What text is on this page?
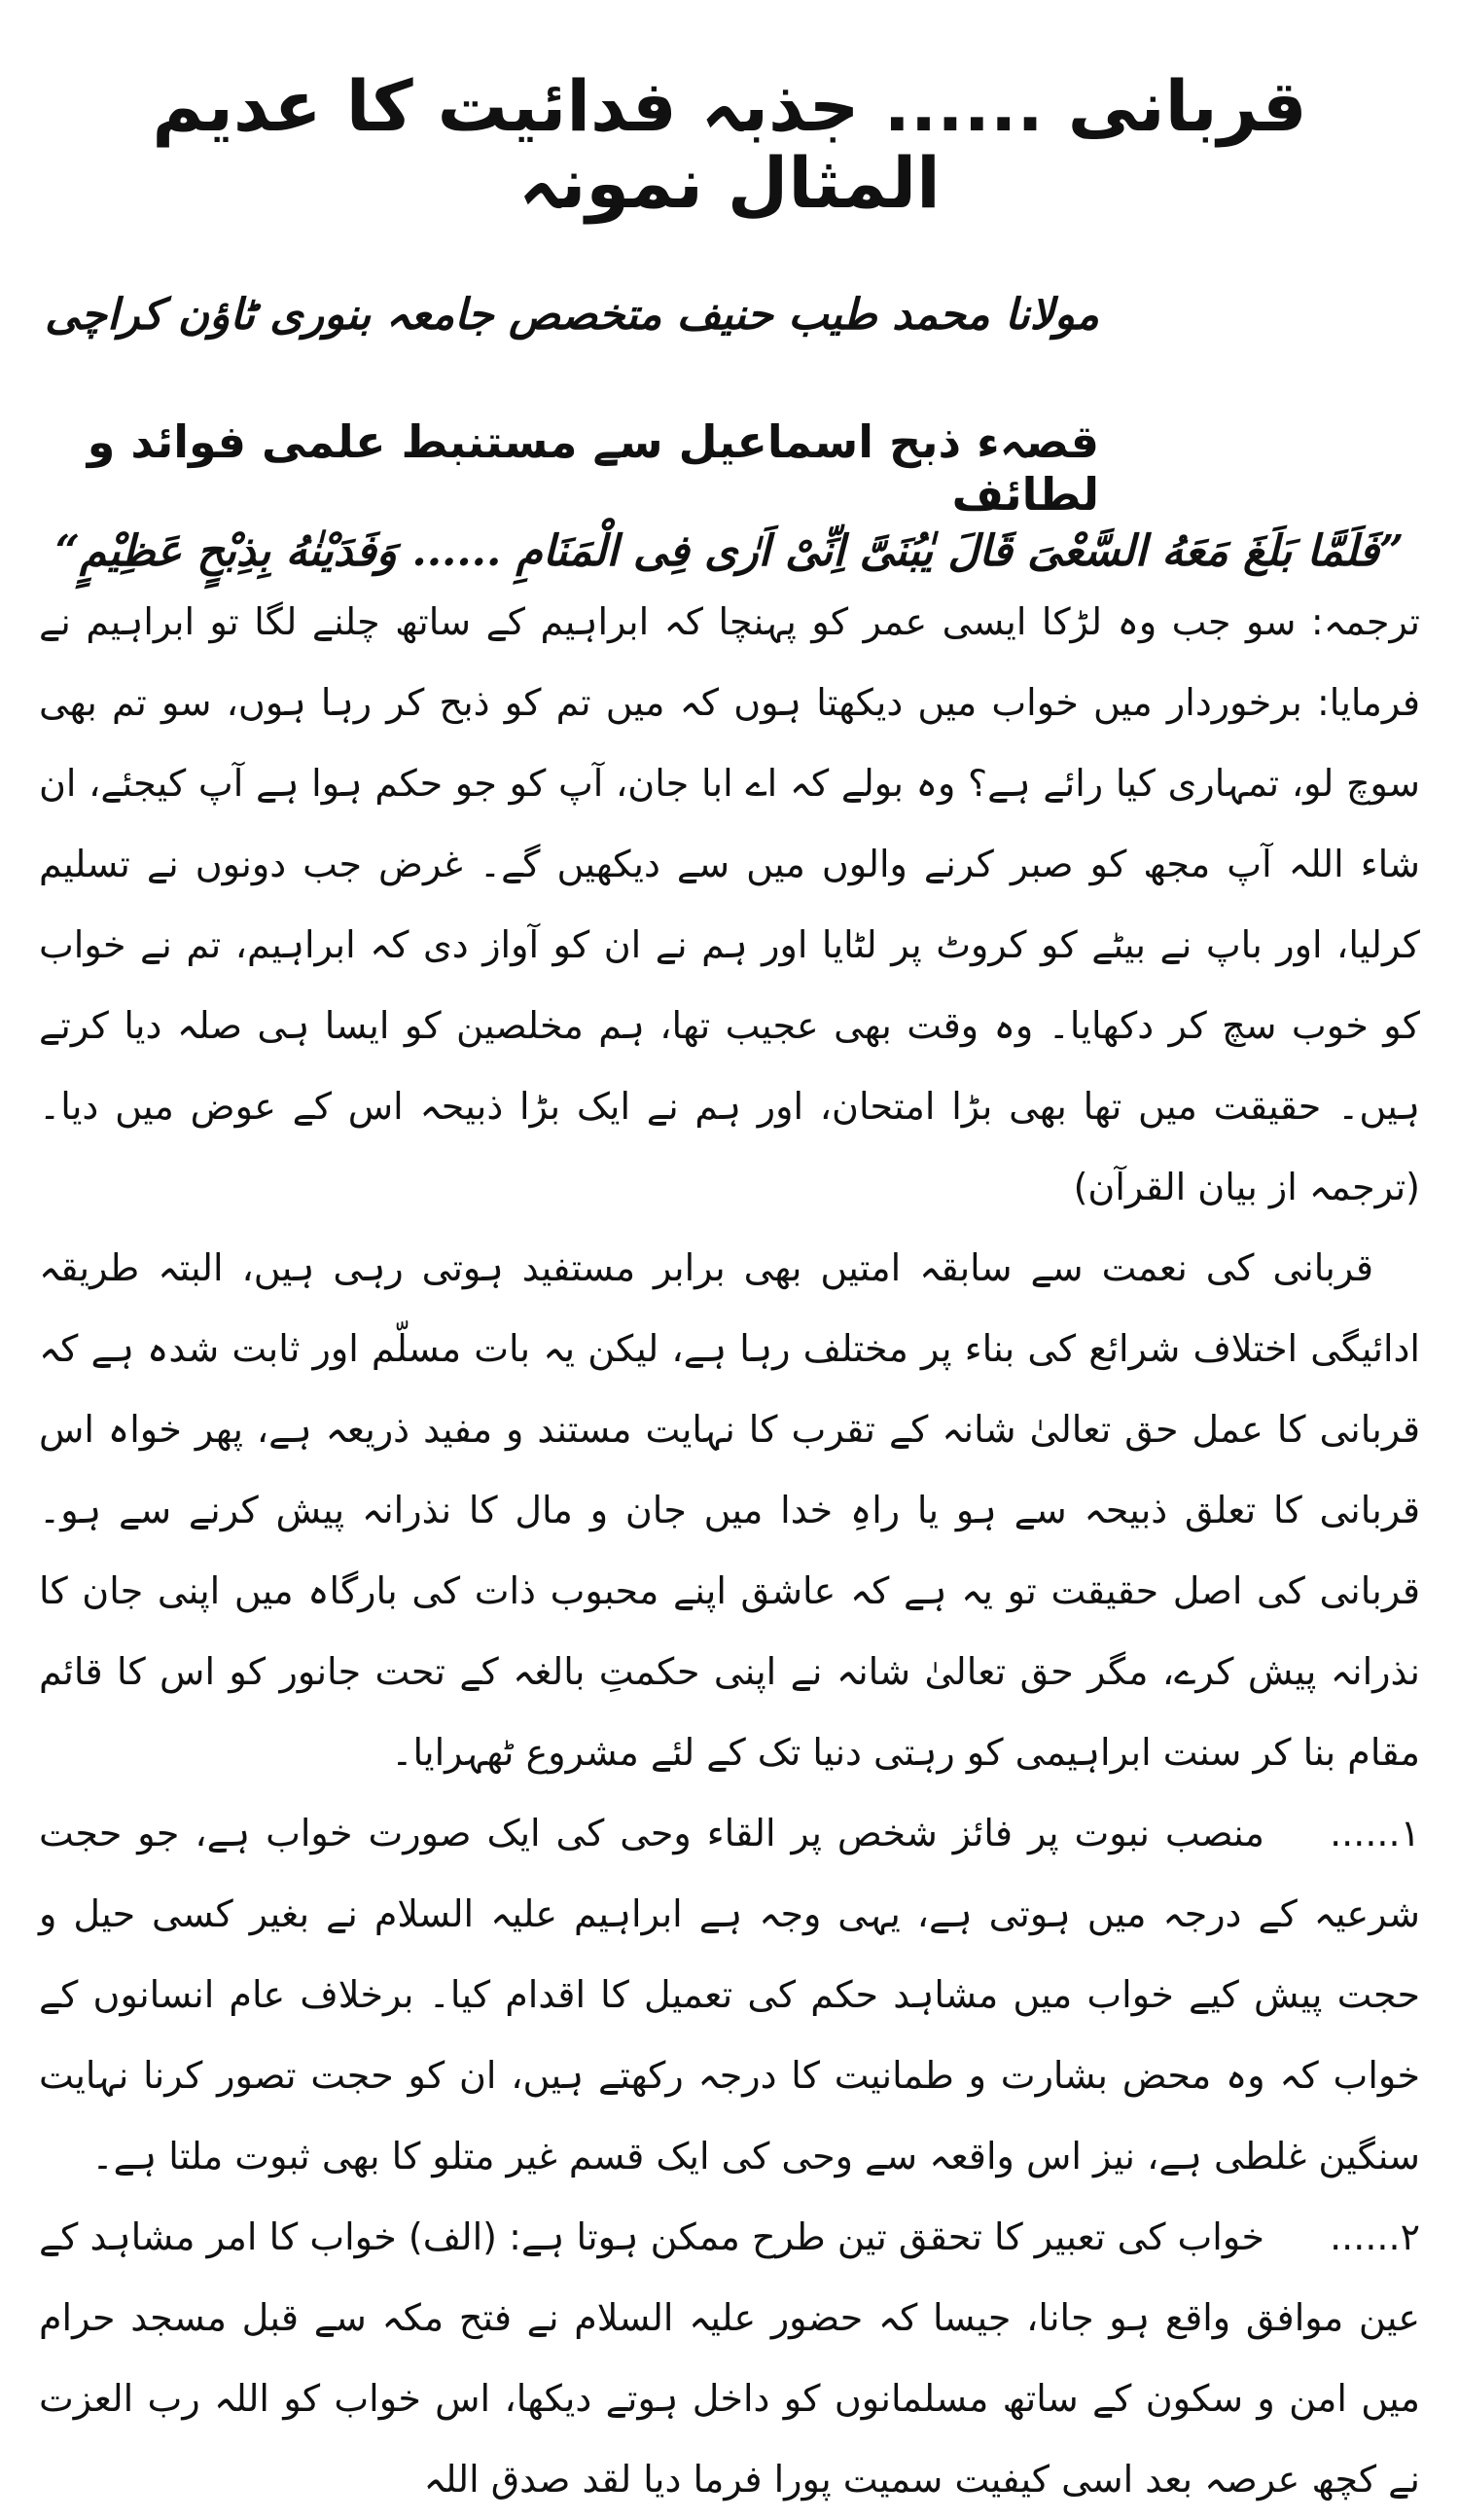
قربانی ...... جذبہ فدائیت کا عدیم المثال نمونہ
مولانا محمد طیب حنیف متخصص جامعہ بنوری ٹاؤن کراچی
قصہء ذبح اسماعیل سے مستنبط علمی فوائد و لطائف
”فَلَمَّا بَلَغَ مَعَهُ السَّعْیَ قَالَ یٰبُنَیَّ اِنِّیْ اَرٰی فِی الْمَنَامِ ...... وَفَدَیْنٰهُ بِذِبْحٍ عَظِیْمٍ“

ترجمہ: سو جب وہ لڑکا ایسی عمر کو پہنچا کہ ابراہیم کے ساتھ چلنے لگا تو ابراہیم نے فرمایا: برخوردار میں خواب میں دیکھتا ہوں کہ میں تم کو ذبح کر رہا ہوں، سو تم بھی سوچ لو، تمہاری کیا رائے ہے؟ وہ بولے کہ اے ابا جان، آپ کو جو حکم ہوا ہے آپ کیجئے، ان شاء اللہ آپ مجھ کو صبر کرنے والوں میں سے دیکھیں گے۔ غرض جب دونوں نے تسلیم کرلیا، اور باپ نے بیٹے کو کروٹ پر لٹایا اور ہم نے ان کو آواز دی کہ ابراہیم، تم نے خواب کو خوب سچ کر دکھایا۔ وہ وقت بھی عجیب تھا، ہم مخلصین کو ایسا ہی صلہ دیا کرتے ہیں۔ حقیقت میں تھا بھی بڑا امتحان، اور ہم نے ایک بڑا ذبیحہ اس کے عوض میں دیا۔ (ترجمہ از بیان القرآن)

قربانی کی نعمت سے سابقہ امتیں بھی برابر مستفید ہوتی رہی ہیں، البتہ طریقہ ادائیگی اختلاف شرائع کی بناء پر مختلف رہا ہے، لیکن یہ بات مسلّم اور ثابت شدہ ہے کہ قربانی کا عمل حق تعالیٰ شانہ کے تقرب کا نہایت مستند و مفید ذریعہ ہے، پھر خواہ اس قربانی کا تعلق ذبیحہ سے ہو یا راہِ خدا میں جان و مال کا نذرانہ پیش کرنے سے ہو۔ قربانی کی اصل حقیقت تو یہ ہے کہ عاشق اپنے محبوب ذات کی بارگاہ میں اپنی جان کا نذرانہ پیش کرے، مگر حق تعالیٰ شانہ نے اپنی حکمتِ بالغہ کے تحت جانور کو اس کا قائم مقام بنا کر سنت ابراہیمی کو رہتی دنیا تک کے لئے مشروع ٹھہرایا۔

۱......منصب نبوت پر فائز شخص پر القاء وحی کی ایک صورت خواب ہے، جو حجت شرعیہ کے درجہ میں ہوتی ہے، یہی وجہ ہے ابراہیم علیہ السلام نے بغیر کسی حیل و حجت پیش کیے خواب میں مشاہد حکم کی تعمیل کا اقدام کیا۔ برخلاف عام انسانوں کے خواب کہ وہ محض بشارت و طمانیت کا درجہ رکھتے ہیں، ان کو حجت تصور کرنا نہایت سنگین غلطی ہے، نیز اس واقعہ سے وحی کی ایک قسم غیر متلو کا بھی ثبوت ملتا ہے۔

۲......خواب کی تعبیر کا تحقق تین طرح ممکن ہوتا ہے: (الف) خواب کا امر مشاہد کے عین موافق واقع ہو جانا، جیسا کہ حضور علیہ السلام نے فتح مکہ سے قبل مسجد حرام میں امن و سکون کے ساتھ مسلمانوں کو داخل ہوتے دیکھا، اس خواب کو اللہ رب العزت نے کچھ عرصہ بعد اسی کیفیت سمیت پورا فرما دیا لقد صدق اللہ
